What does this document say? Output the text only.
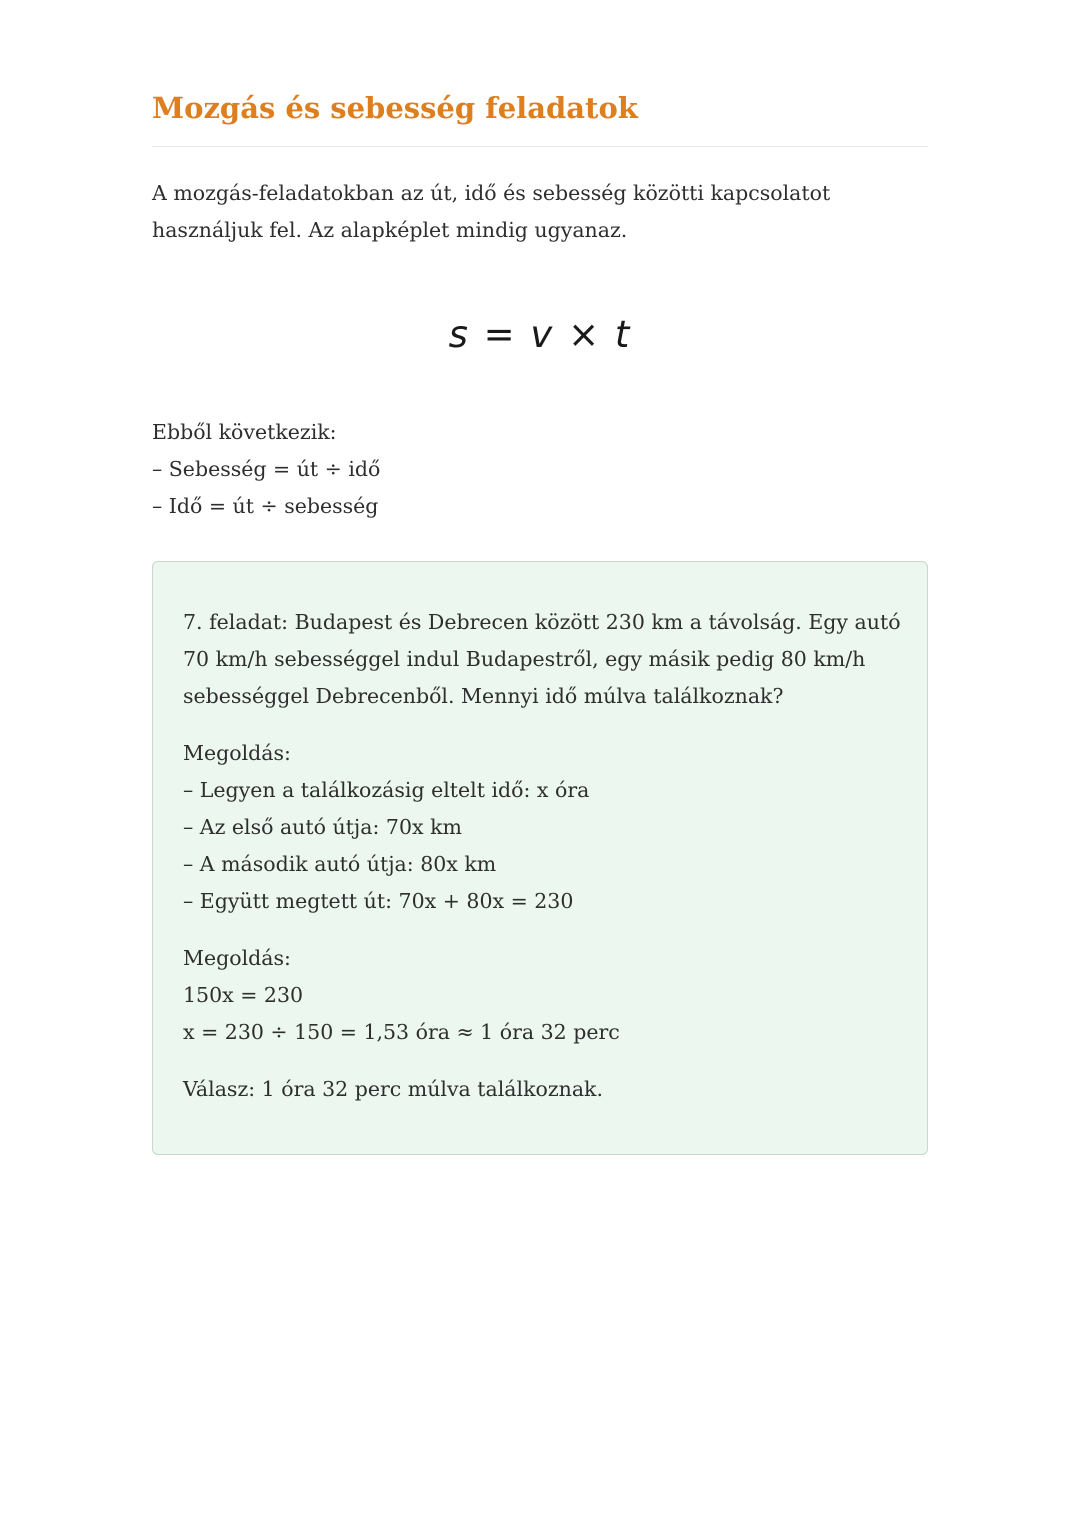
Mozgás és sebesség feladatok
A mozgás-feladatokban az út, idő és sebesség közötti kapcsolatot
használjuk fel. Az alapképlet mindig ugyanaz.
s = v × t
Ebből következik:
– Sebesség = út ÷ idő
– Idő = út ÷ sebesség
7. feladat: Budapest és Debrecen között 230 km a távolság. Egy autó
70 km/h sebességgel indul Budapestről, egy másik pedig 80 km/h
sebességgel Debrecenből. Mennyi idő múlva találkoznak?
Megoldás:
– Legyen a találkozásig eltelt idő: x óra
– Az első autó útja: 70x km
– A második autó útja: 80x km
– Együtt megtett út: 70x + 80x = 230
Megoldás:
150x = 230
x = 230 ÷ 150 = 1,53 óra ≈ 1 óra 32 perc
Válasz: 1 óra 32 perc múlva találkoznak.
